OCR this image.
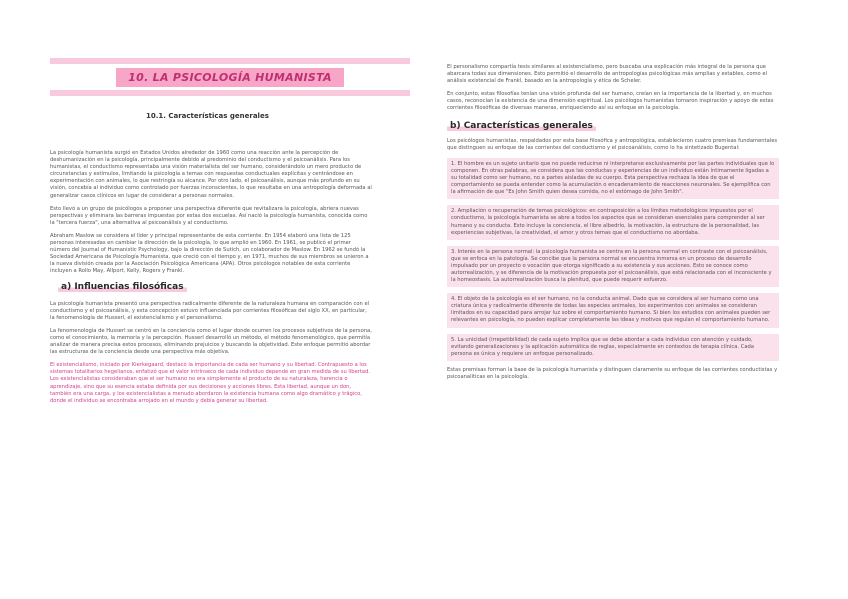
10. LA PSICOLOGÍA HUMANISTA
10.1. Características generales

La psicología humanista surgió en Estados Unidos alrededor de 1960 como una reacción ante la percepción de deshumanización en la psicología, principalmente debido al predominio del conductismo y el psicoanálisis. Para los humanistas, el conductismo representaba una visión materialista del ser humano, considerándolo un mero producto de circunstancias y estímulos, limitando la psicología a temas con respuestas conductuales explícitas y centrándose en experimentación con animales, lo que restringía su alcance. Por otro lado, el psicoanálisis, aunque más profundo en su visión, concebía al individuo como controlado por fuerzas inconscientes, lo que resultaba en una antropología deformada al generalizar casos clínicos en lugar de considerar a personas normales.

Esto llevó a un grupo de psicólogos a proponer una perspectiva diferente que revitalizara la psicología, abriera nuevas perspectivas y eliminara las barreras impuestas por estas dos escuelas. Así nació la psicología humanista, conocida como la "tercera fuerza", una alternativa al psicoanálisis y al conductismo.

Abraham Maslow se considera el líder y principal representante de esta corriente. En 1954 elaboró una lista de 125 personas interesadas en cambiar la dirección de la psicología, lo que amplió en 1960. En 1961, se publicó el primer número del Journal of Humanistic Psychology, bajo la dirección de Sutich, un colaborador de Maslow. En 1962 se fundó la Sociedad Americana de Psicología Humanista, que creció con el tiempo y, en 1971, muchos de sus miembros se unieron a la nueva división creada por la Asociación Psicológica Americana (APA). Otros psicólogos notables de esta corriente incluyen a Rollo May, Allport, Kelly, Rogers y Frankl.

a) Influencias filosóficas

La psicología humanista presentó una perspectiva radicalmente diferente de la naturaleza humana en comparación con el conductismo y el psicoanálisis, y esta concepción estuvo influenciada por corrientes filosóficas del siglo XX, en particular, la fenomenología de Husserl, el existencialismo y el personalismo.

La fenomenología de Husserl se centró en la conciencia como el lugar donde ocurren los procesos subjetivos de la persona, como el conocimiento, la memoria y la percepción. Husserl desarrolló un método, el método fenomenológico, que permitía analizar de manera precisa estos procesos, eliminando prejuicios y buscando la objetividad. Este enfoque permitió abordar las estructuras de la conciencia desde una perspectiva más objetiva.

El existencialismo, iniciado por Kierkegaard, destacó la importancia de cada ser humano y su libertad. Contrapuesto a los sistemas totalitarios hegelianos, enfatizó que el valor intrínseco de cada individuo depende en gran medida de su libertad. Los existencialistas consideraban que el ser humano no era simplemente el producto de su naturaleza, herencia o aprendizaje, sino que su esencia estaba definida por sus decisiones y acciones libres. Esta libertad, aunque un don, también era una carga, y los existencialistas a menudo abordaron la existencia humana como algo dramático y trágico, donde el individuo se encontraba arrojado en el mundo y debía generar su libertad.

El personalismo compartía tesis similares al existencialismo, pero buscaba una explicación más integral de la persona que abarcara todas sus dimensiones. Esto permitió el desarrollo de antropologías psicológicas más amplias y estables, como el análisis existencial de Frankl, basado en la antropología y ética de Scheler.

En conjunto, estas filosofías tenían una visión profunda del ser humano, creían en la importancia de la libertad y, en muchos casos, reconocían la existencia de una dimensión espiritual. Los psicólogos humanistas tomaron inspiración y apoyo de estas corrientes filosóficas de diversas maneras, enriqueciendo así su enfoque en la psicología.

b) Características generales

Los psicólogos humanistas, respaldados por esta base filosófica y antropológica, establecieron cuatro premisas fundamentales que distinguen su enfoque de las corrientes del conductismo y el psicoanálisis, como lo ha sintetizado Bugental:

1. El hombre es un sujeto unitario que no puede reducirse ni interpretarse exclusivamente por las partes individuales que lo componen. En otras palabras, se considera que las conductas y experiencias de un individuo están íntimamente ligadas a su totalidad como ser humano, no a partes aisladas de su cuerpo. Esta perspectiva rechaza la idea de que el comportamiento se pueda entender como la acumulación o encadenamiento de reacciones neuronales. Se ejemplifica con la afirmación de que "Es John Smith quien desea comida, no el estómago de John Smith".

2. Ampliación o recuperación de temas psicológicos: en contraposición a los límites metodológicos impuestos por el conductismo, la psicología humanista se abre a todos los aspectos que se consideran esenciales para comprender al ser humano y su conducta. Esto incluye la conciencia, el libre albedrío, la motivación, la estructura de la personalidad, las experiencias subjetivas, la creatividad, el amor y otros temas que el conductismo no abordaba.

3. Interés en la persona normal: la psicología humanista se centra en la persona normal en contraste con el psicoanálisis, que se enfoca en la patología. Se concibe que la persona normal se encuentra inmersa en un proceso de desarrollo impulsado por un proyecto o vocación que otorga significado a su existencia y sus acciones. Esto se conoce como autorrealización, y se diferencia de la motivación propuesta por el psicoanálisis, que está relacionada con el inconsciente y la homeostasis. La autorrealización busca la plenitud, que puede requerir esfuerzo.

4. El objeto de la psicología es el ser humano, no la conducta animal. Dado que se considera al ser humano como una criatura única y radicalmente diferente de todas las especies animales, los experimentos con animales se consideran limitados en su capacidad para arrojar luz sobre el comportamiento humano. Si bien los estudios con animales pueden ser relevantes en psicología, no pueden explicar completamente las ideas y motivos que regulan el comportamiento humano.

5. La unicidad (irrepetibilidad) de cada sujeto implica que se debe abordar a cada individuo con atención y cuidado, evitando generalizaciones y la aplicación automática de reglas, especialmente en contextos de terapia clínica. Cada persona es única y requiere un enfoque personalizado.

Estas premisas forman la base de la psicología humanista y distinguen claramente su enfoque de las corrientes conductistas y psicoanalíticas en la psicología.
